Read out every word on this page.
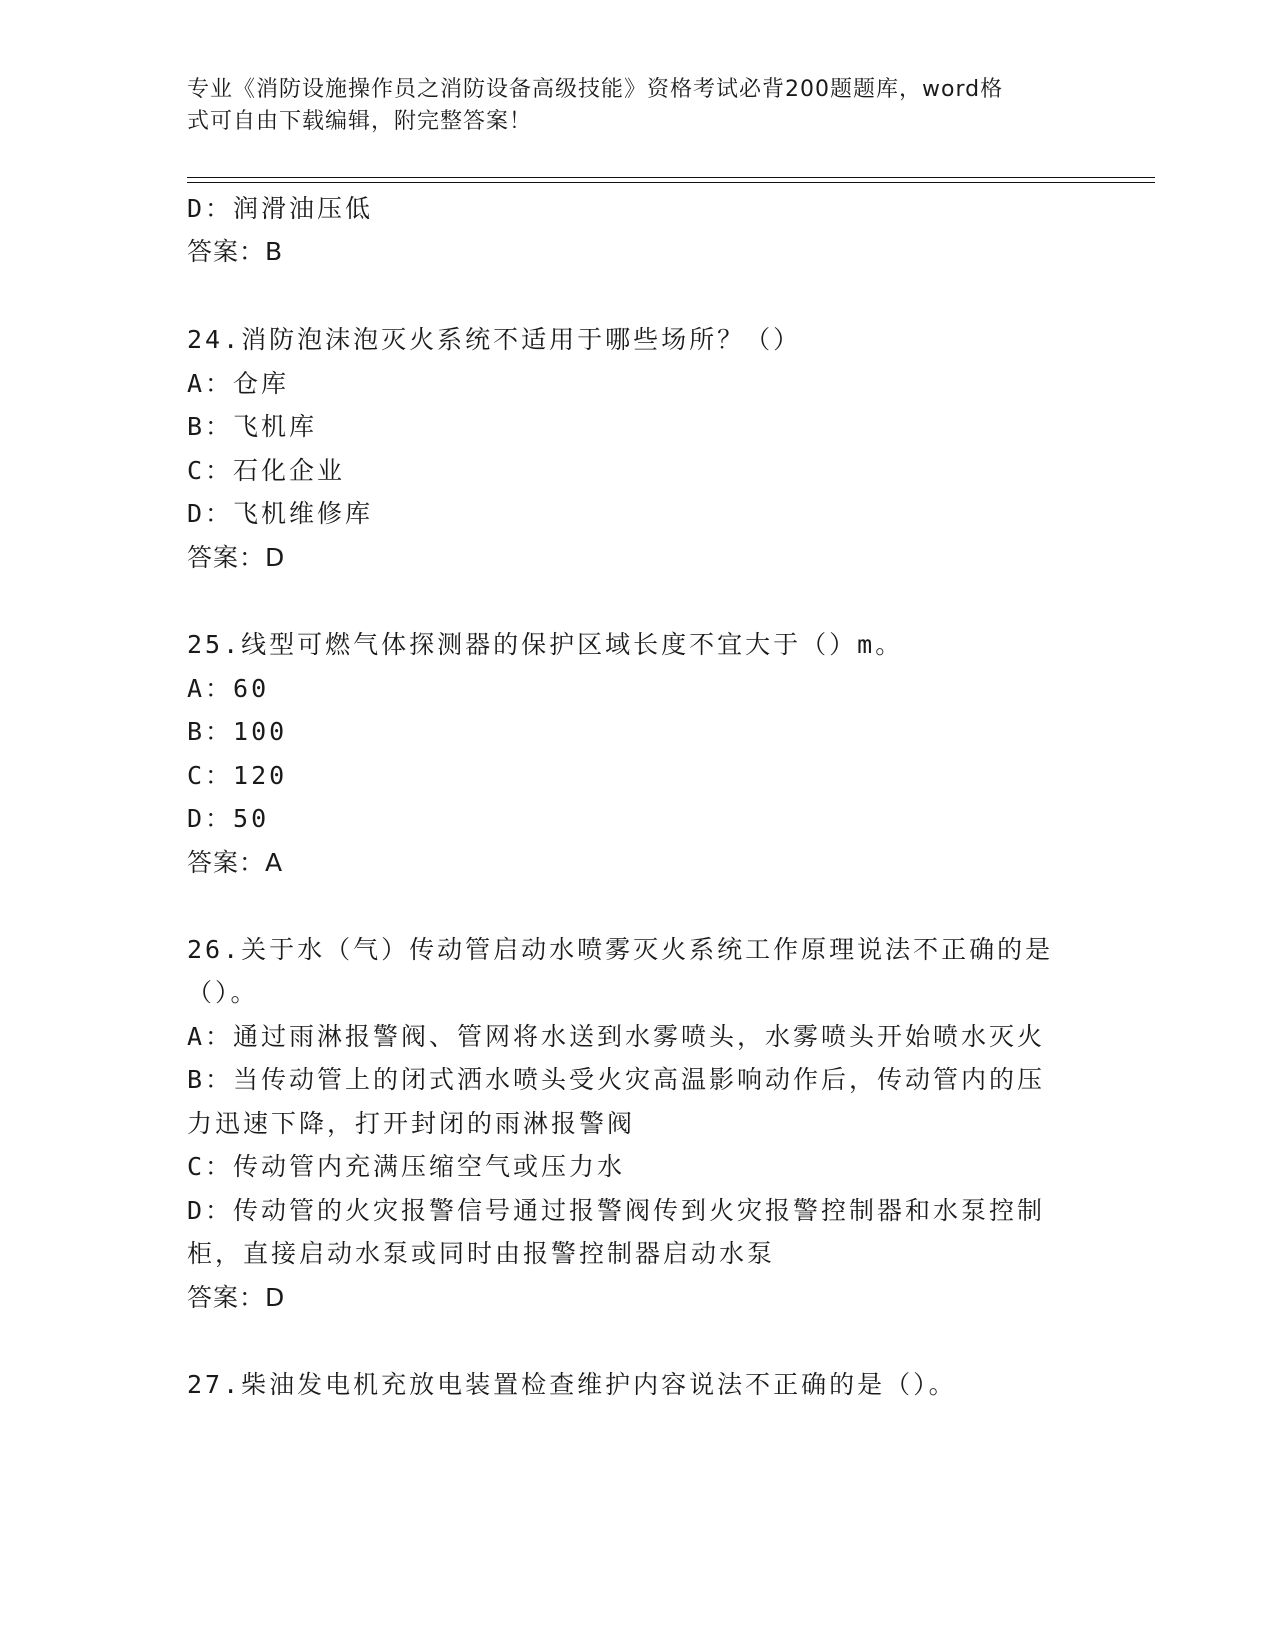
专业《消防设施操作员之消防设备高级技能》资格考试必背200题题库，word格
式可自由下载编辑，附完整答案！
D：润滑油压低
答案：B
24.消防泡沫泡灭火系统不适用于哪些场所？（）
A：仓库
B：飞机库
C：石化企业
D：飞机维修库
答案：D
25.线型可燃气体探测器的保护区域长度不宜大于（）m。
A：60
B：100
C：120
D：50
答案：A
26.关于水（气）传动管启动水喷雾灭火系统工作原理说法不正确的是
（）。
A：通过雨淋报警阀、管网将水送到水雾喷头，水雾喷头开始喷水灭火
B：当传动管上的闭式洒水喷头受火灾高温影响动作后，传动管内的压
力迅速下降，打开封闭的雨淋报警阀
C：传动管内充满压缩空气或压力水
D：传动管的火灾报警信号通过报警阀传到火灾报警控制器和水泵控制
柜，直接启动水泵或同时由报警控制器启动水泵
答案：D
27.柴油发电机充放电装置检查维护内容说法不正确的是（）。
